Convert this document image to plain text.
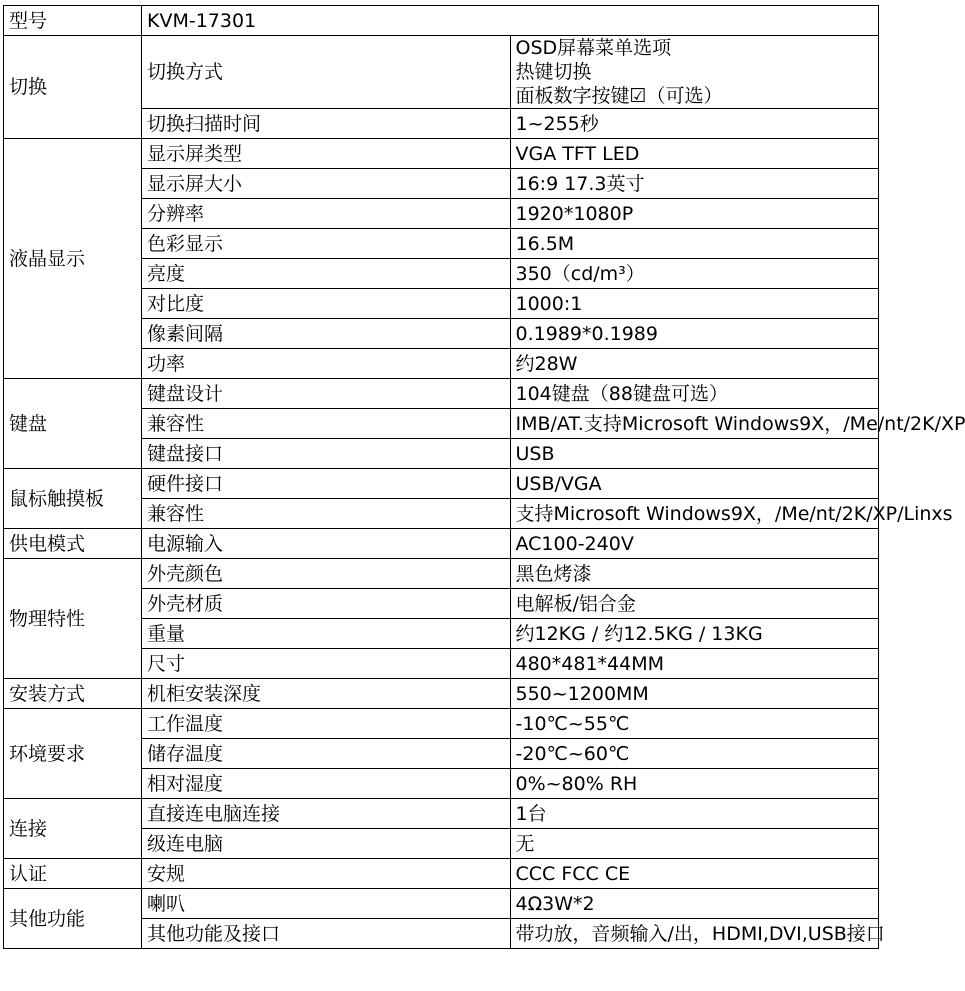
型号	KVM-17301	
切换	切换方式	OSD屏幕菜单选项
热键切换
面板数字按键☑（可选）

	切换扫描时间	1~255秒

液晶显示	显示屏类型	VGA TFT LED

	显示屏大小	16:9 17.3英寸

	分辨率	1920*1080P

	色彩显示	16.5M

	亮度	350（cd/m³）

	对比度	1000:1

	像素间隔	0.1989*0.1989

	功率	约28W

键盘	键盘设计	104键盘（88键盘可选）

	兼容性	IMB/AT.支持Microsoft Windows9X，/Me/nt/2K/XP

	键盘接口	USB

鼠标触摸板	硬件接口	USB/VGA

	兼容性	支持Microsoft Windows9X，/Me/nt/2K/XP/Linxs

供电模式	电源输入	AC100-240V

物理特性	外壳颜色	黑色烤漆

	外壳材质	电解板/铝合金

	重量	约12KG / 约12.5KG / 13KG

	尺寸	480*481*44MM

安装方式	机柜安装深度	550~1200MM

环境要求	工作温度	-10℃~55℃

	储存温度	-20℃~60℃

	相对湿度	0%~80% RH

连接	直接连电脑连接	1台

	级连电脑	无

认证	安规	CCC FCC CE

其他功能	喇叭	4Ω3W*2

	其他功能及接口	带功放，音频输入/出，HDMI,DVI,USB接口
